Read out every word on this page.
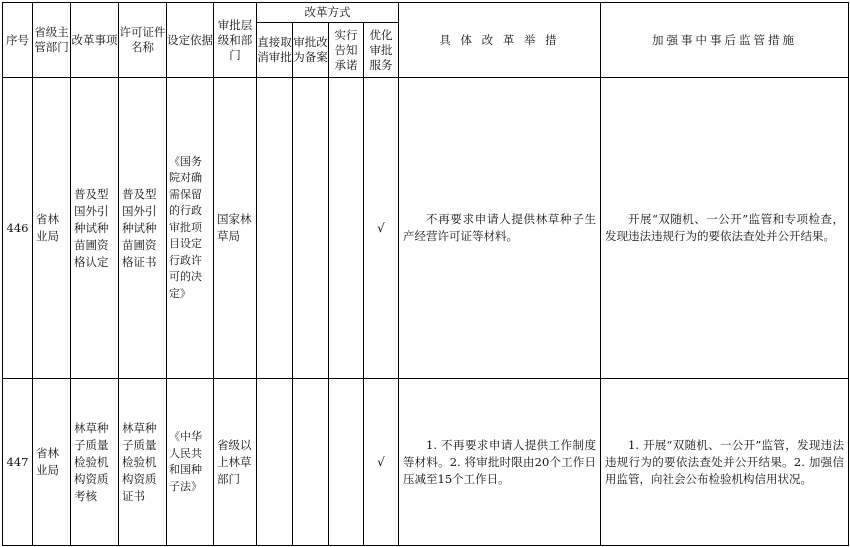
序号	省级主管部门	改革事项	许可证件名称	设定依据	审批层级和部门	改革方式				具 体 改 革 举 措	加强事中事后监管措施
						直接取消审批	审批改为备案	实行告知承诺	优化审批服务		
446	省林业局	普及型国外引种试种苗圃资格认定	普及型国外引种试种苗圃资格证书	《国务院对确需保留的行政审批项目设定行政许可的决定》	国家林草局				√	不再要求申请人提供林草种子生产经营许可证等材料。	开展“双随机、一公开”监管和专项检查，发现违法违规行为的要依法查处并公开结果。
447	省林业局	林草种子质量检验机构资质考核	林草种子质量检验机构资质证书	《中华人民共和国种子法》	省级以上林草部门				√	1. 不再要求申请人提供工作制度等材料。2. 将审批时限由20个工作日压减至15个工作日。	1. 开展“双随机、一公开”监管，发现违法违规行为的要依法查处并公开结果。2. 加强信用监管，向社会公布检验机构信用状况。
